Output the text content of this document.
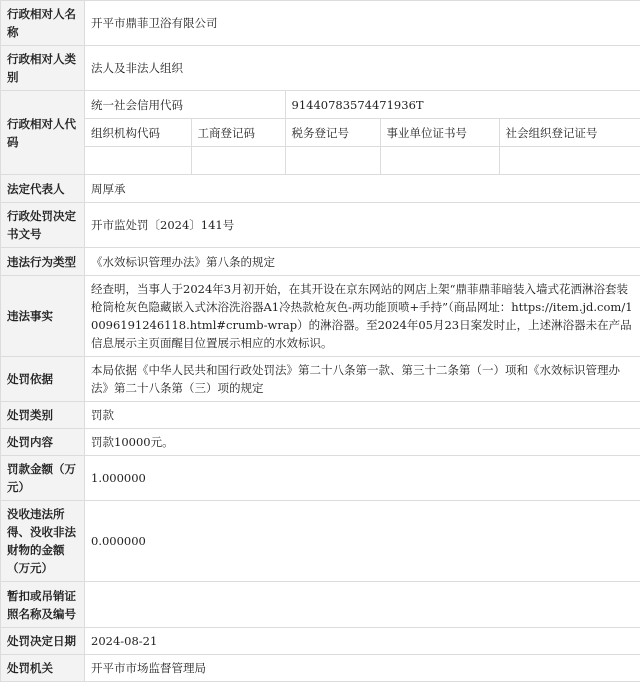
行政相对人名称	开平市鼎菲卫浴有限公司
行政相对人类别	法人及非法人组织
行政相对人代码	
统一社会信用代码	91440783574471936T
组织机构代码	工商登记码	税务登记号	事业单位证书号	社会组织登记证号

法定代表人	周厚承
行政处罚决定书文号	开市监处罚〔2024〕141号
违法行为类型	《水效标识管理办法》第八条的规定
违法事实	经查明，当事人于2024年3月初开始，在其开设在京东网站的网店上架“鼎菲鼎菲暗装入墙式花洒淋浴套装枪筒枪灰色隐藏嵌入式沐浴洗浴器A1冷热款枪灰色-两功能顶喷+手持”（商品网址：https://item.jd.com/10096191246118.html#crumb-wrap）的淋浴器。至2024年05月23日案发时止，上述淋浴器未在产品信息展示主页面醒目位置展示相应的水效标识。
处罚依据	本局依据《中华人民共和国行政处罚法》第二十八条第一款、第三十二条第（一）项和《水效标识管理办法》第二十八条第（三）项的规定
处罚类别	罚款
处罚内容	罚款10000元。
罚款金额（万元）	1.000000
没收违法所得、没收非法财物的金额（万元）	0.000000
暂扣或吊销证照名称及编号	
处罚决定日期	2024-08-21
处罚机关	开平市市场监督管理局
